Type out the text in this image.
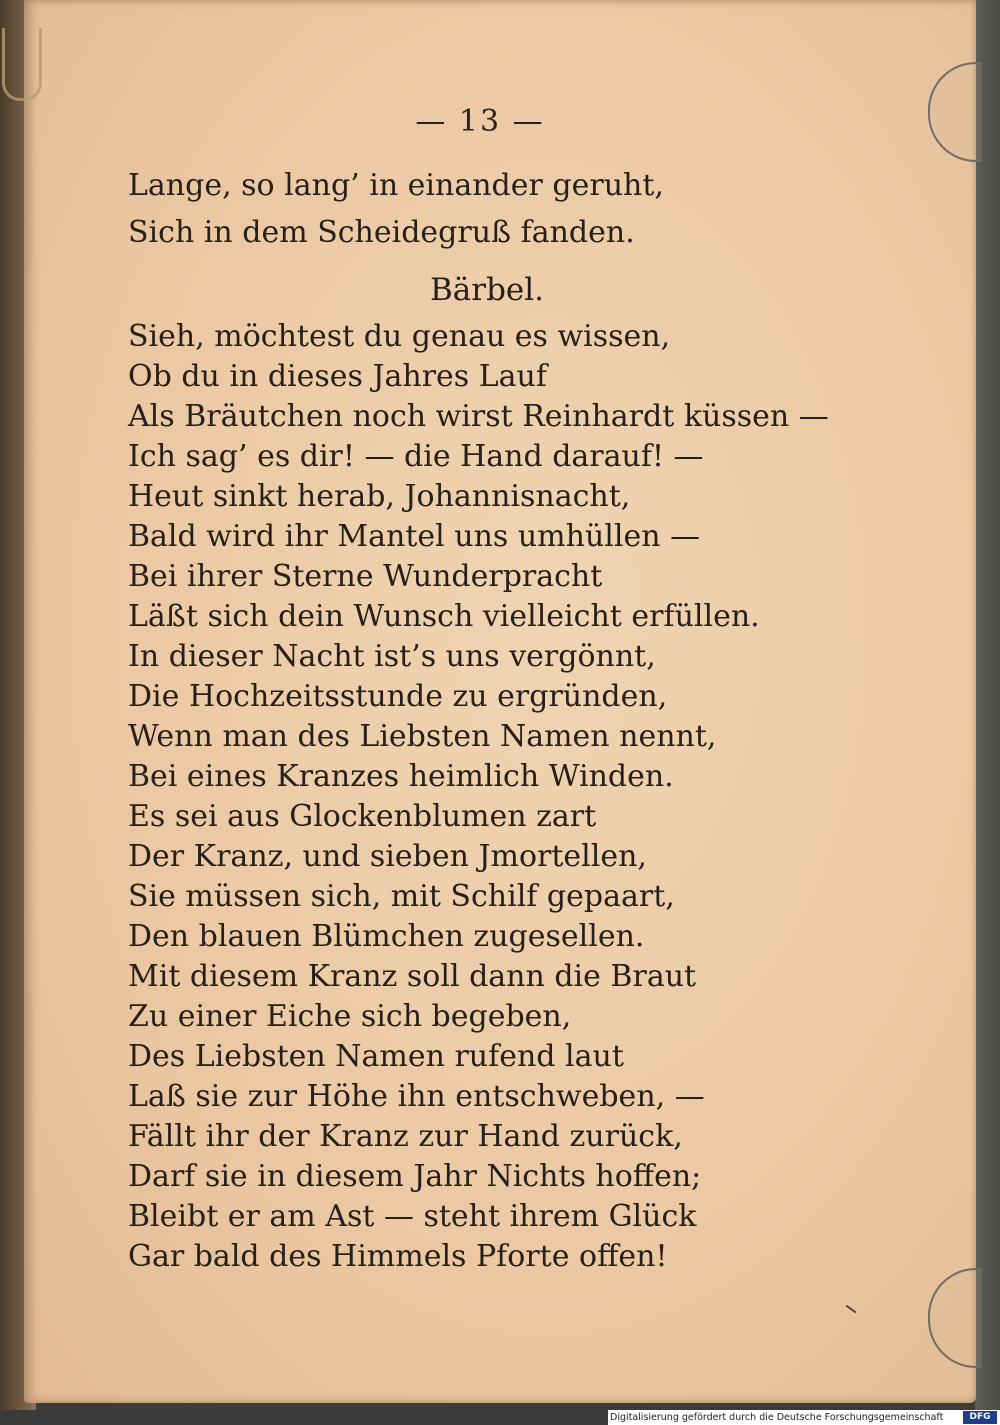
— 13 —
Lange, so lang’ in einander geruht,
Sich in dem Scheidegruß fanden.
Sieh, möchtest du genau es wissen,
Ob du in dieses Jahres Lauf
Als Bräutchen noch wirst Reinhardt küssen —
Ich sag’ es dir! — die Hand darauf! —
Heut sinkt herab, Johannisnacht,
Bald wird ihr Mantel uns umhüllen —
Bei ihrer Sterne Wunderpracht
Läßt sich dein Wunsch vielleicht erfüllen.
In dieser Nacht ist’s uns vergönnt,
Die Hochzeitsstunde zu ergründen,
Wenn man des Liebsten Namen nennt,
Bei eines Kranzes heimlich Winden.
Es sei aus Glockenblumen zart
Der Kranz, und sieben Jmortellen,
Sie müssen sich, mit Schilf gepaart,
Den blauen Blümchen zugesellen.
Mit diesem Kranz soll dann die Braut
Zu einer Eiche sich begeben,
Des Liebsten Namen rufend laut
Laß sie zur Höhe ihn entschweben, —
Fällt ihr der Kranz zur Hand zurück,
Darf sie in diesem Jahr Nichts hoffen;
Bleibt er am Ast — steht ihrem Glück
Gar bald des Himmels Pforte offen!
Bärbel.
Digitalisierung gefördert durch die Deutsche Forschungsgemeinschaft	DFG
